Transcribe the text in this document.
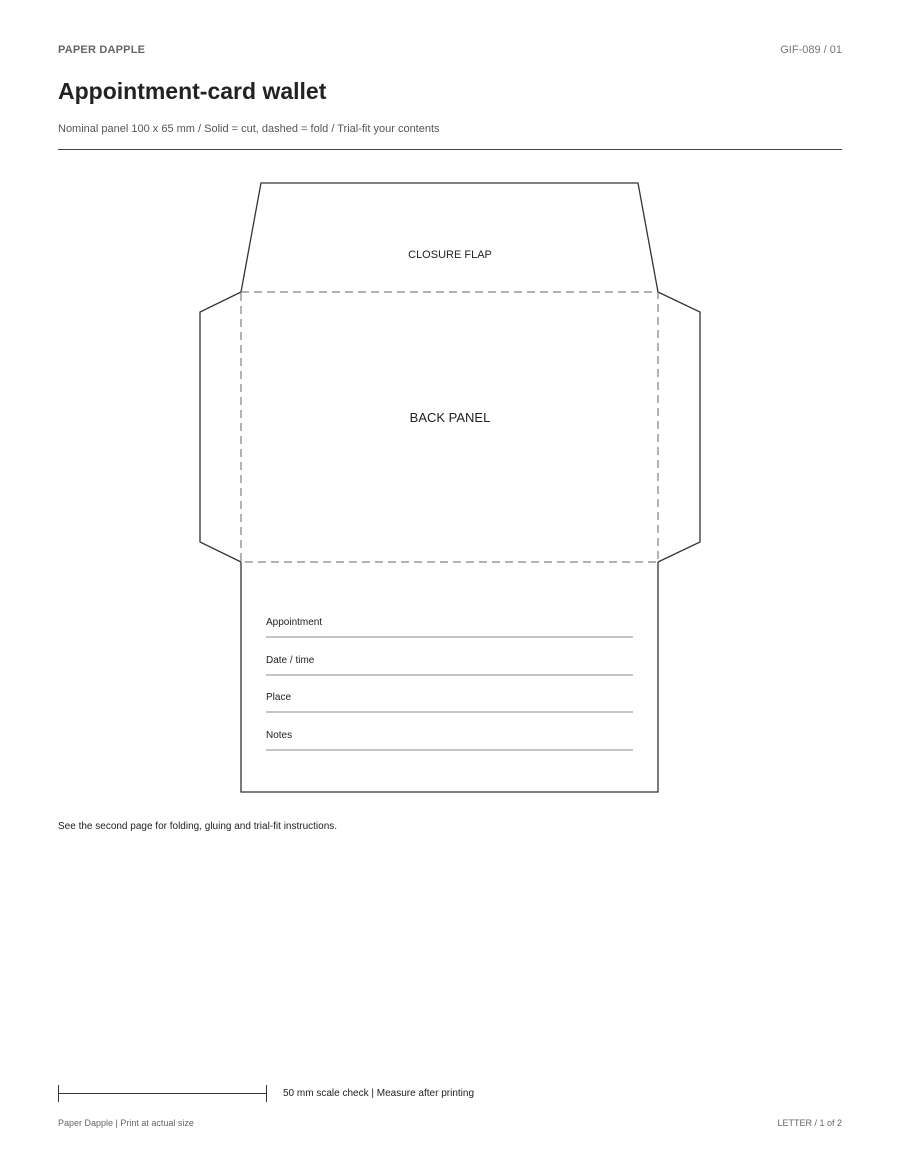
PAPER DAPPLE	GIF-089 / 01
Appointment-card wallet
Nominal panel 100 x 65 mm / Solid = cut, dashed = fold / Trial-fit your contents
CLOSURE FLAP
BACK PANEL
Appointment
Date / time
Place
Notes
See the second page for folding, gluing and trial-fit instructions.
50 mm scale check | Measure after printing
Paper Dapple | Print at actual size	LETTER / 1 of 2
